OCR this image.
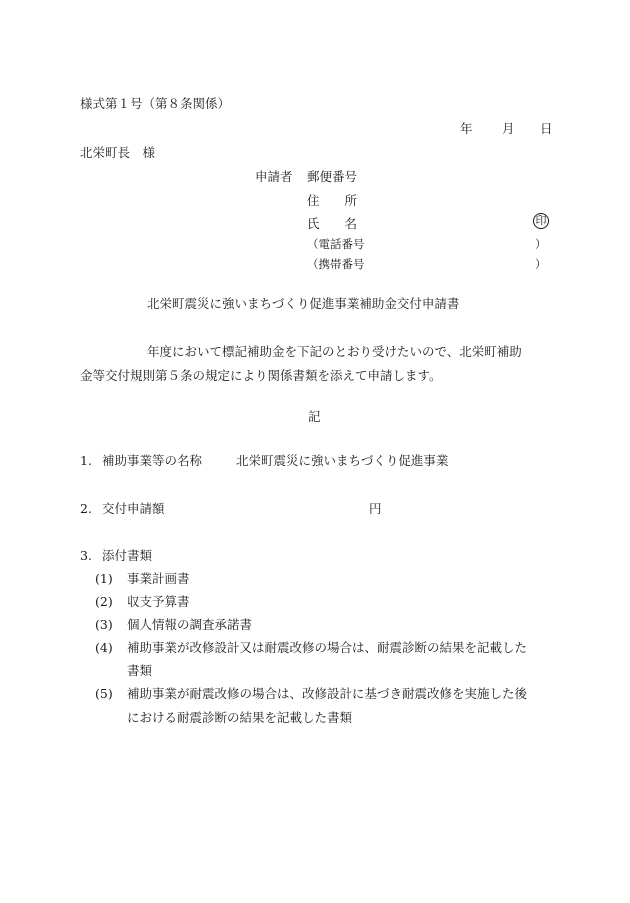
様式第１号（第８条関係）
年 月 日
北栄町長　様
申請者 郵便番号
住　　所
氏　　名	印
（電話番号	）
（携帯番号	）
北栄町震災に強いまちづくり促進事業補助金交付申請書
年度において標記補助金を下記のとおり受けたいので、北栄町補助
金等交付規則第５条の規定により関係書類を添えて申請します。
記
1. 補助事業等の名称	北栄町震災に強いまちづくり促進事業
2. 交付申請額	円
3. 添付書類
(1) 事業計画書
(2) 収支予算書
(3) 個人情報の調査承諾書
(4) 補助事業が改修設計又は耐震改修の場合は、耐震診断の結果を記載した
書類
(5) 補助事業が耐震改修の場合は、改修設計に基づき耐震改修を実施した後
における耐震診断の結果を記載した書類
